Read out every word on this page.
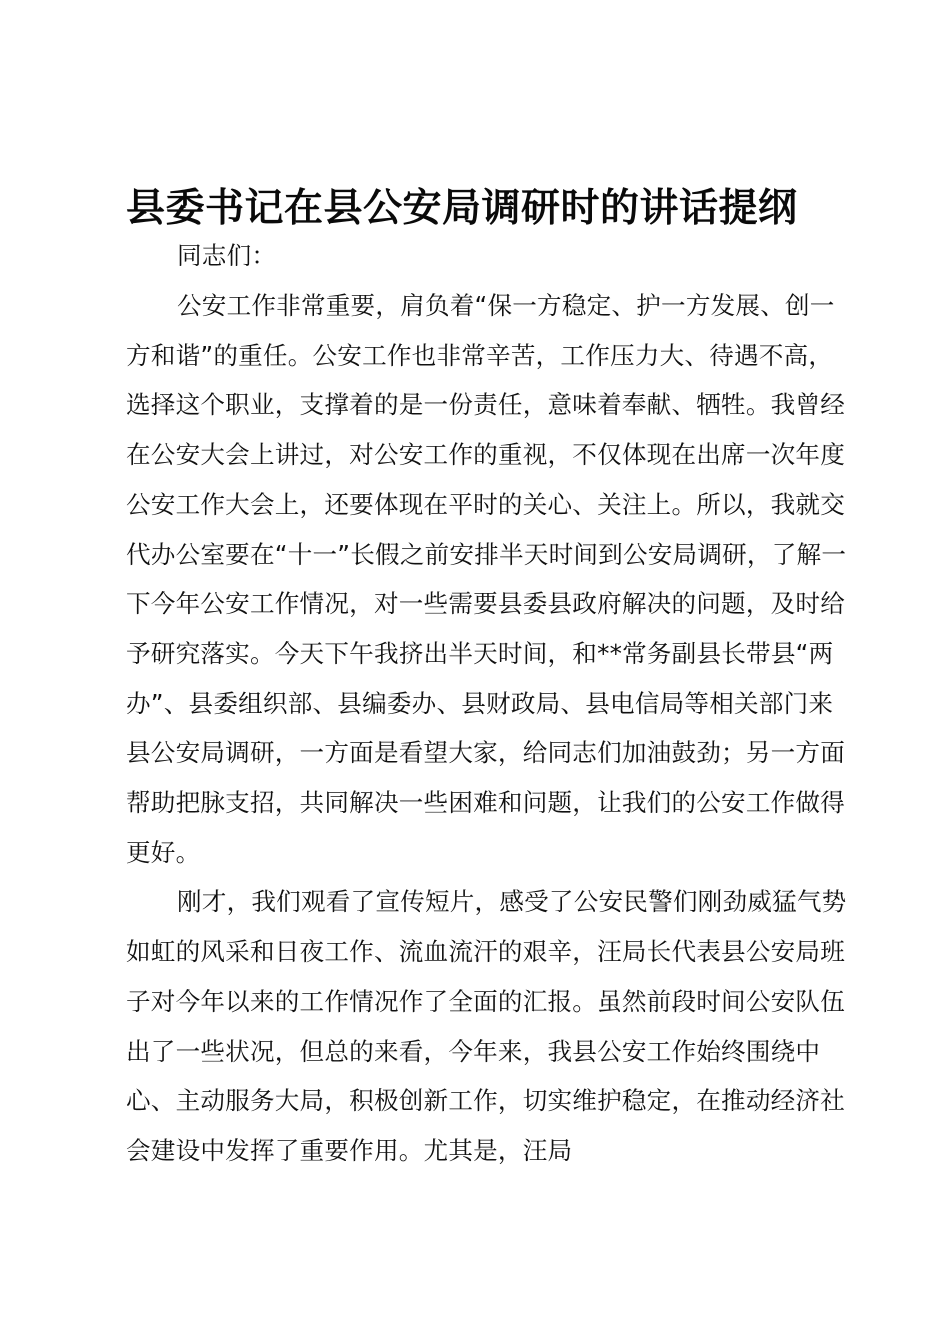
县委书记在县公安局调研时的讲话提纲

同志们：

公安工作非常重要，肩负着“保一方稳定、护一方发展、创一方和谐”的重任。公安工作也非常辛苦，工作压力大、待遇不高，选择这个职业，支撑着的是一份责任，意味着奉献、牺牲。我曾经在公安大会上讲过，对公安工作的重视，不仅体现在出席一次年度公安工作大会上，还要体现在平时的关心、关注上。所以，我就交代办公室要在“十一”长假之前安排半天时间到公安局调研，了解一下今年公安工作情况，对一些需要县委县政府解决的问题，及时给予研究落实。今天下午我挤出半天时间，和**常务副县长带县“两办”、县委组织部、县编委办、县财政局、县电信局等相关部门来县公安局调研，一方面是看望大家，给同志们加油鼓劲；另一方面帮助把脉支招，共同解决一些困难和问题，让我们的公安工作做得更好。

刚才，我们观看了宣传短片，感受了公安民警们刚劲威猛气势如虹的风采和日夜工作、流血流汗的艰辛，汪局长代表县公安局班子对今年以来的工作情况作了全面的汇报。虽然前段时间公安队伍出了一些状况，但总的来看，今年来，我县公安工作始终围绕中心、主动服务大局，积极创新工作，切实维护稳定，在推动经济社会建设中发挥了重要作用。尤其是，汪局
